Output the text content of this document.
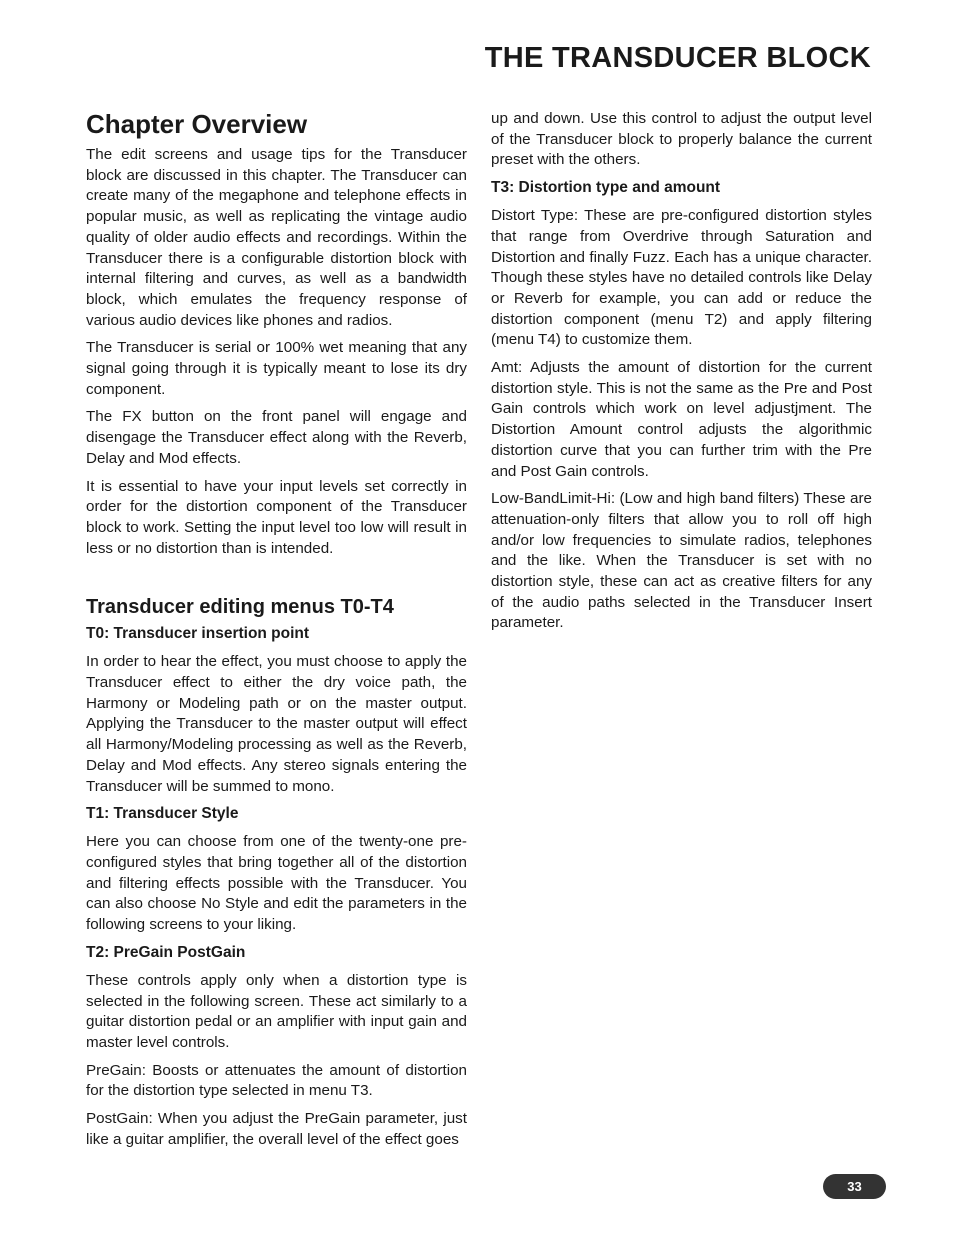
THE TRANSDUCER BLOCK
Chapter Overview

The edit screens and usage tips for the Transducer block are discussed in this chapter. The Transducer can create many of the megaphone and telephone effects in popular music, as well as replicating the vintage audio quality of older audio effects and recordings. Within the Transducer there is a configurable distortion block with internal filtering and curves, as well as a bandwidth block, which emulates the frequency response of various audio devices like phones and radios.

The Transducer is serial or 100% wet meaning that any signal going through it is typically meant to lose its dry component.

The FX button on the front panel will engage and disengage the Transducer effect along with the Reverb, Delay and Mod effects.

It is essential to have your input levels set correctly in order for the distortion component of the Transducer block to work. Setting the input level too low will result in less or no distortion than is intended.

Transducer editing menus T0-T4
T0: Transducer insertion point

In order to hear the effect, you must choose to apply the Transducer effect to either the dry voice path, the Harmony or Modeling path or on the master output. Applying the Transducer to the master output will effect all Harmony/Modeling processing as well as the Reverb, Delay and Mod effects. Any stereo signals entering the Transducer will be summed to mono.

T1: Transducer Style

Here you can choose from one of the twenty-one pre-configured styles that bring together all of the distortion and filtering effects possible with the Transducer. You can also choose No Style and edit the parameters in the following screens to your liking.

T2: PreGain PostGain

These controls apply only when a distortion type is selected in the following screen. These act similarly to a guitar distortion pedal or an amplifier with input gain and master level controls.

PreGain: Boosts or attenuates the amount of distortion for the distortion type selected in menu T3.

PostGain: When you adjust the PreGain parameter, just like a guitar amplifier, the overall level of the effect goes

up and down. Use this control to adjust the output level of the Transducer block to properly balance the current preset with the others.

T3: Distortion type and amount

Distort Type: These are pre-configured distortion styles that range from Overdrive through Saturation and Distortion and finally Fuzz. Each has a unique character. Though these styles have no detailed controls like Delay or Reverb for example, you can add or reduce the distortion component (menu T2) and apply filtering (menu T4) to customize them.

Amt: Adjusts the amount of distortion for the current distortion style. This is not the same as the Pre and Post Gain controls which work on level adjustjment. The Distortion Amount control adjusts the algorithmic distortion curve that you can further trim with the Pre and Post Gain controls.

Low-BandLimit-Hi: (Low and high band filters) These are attenuation-only filters that allow you to roll off high and/or low frequencies to simulate radios, telephones and the like. When the Transducer is set with no distortion style, these can act as creative filters for any of the audio paths selected in the Transducer Insert parameter.

33
